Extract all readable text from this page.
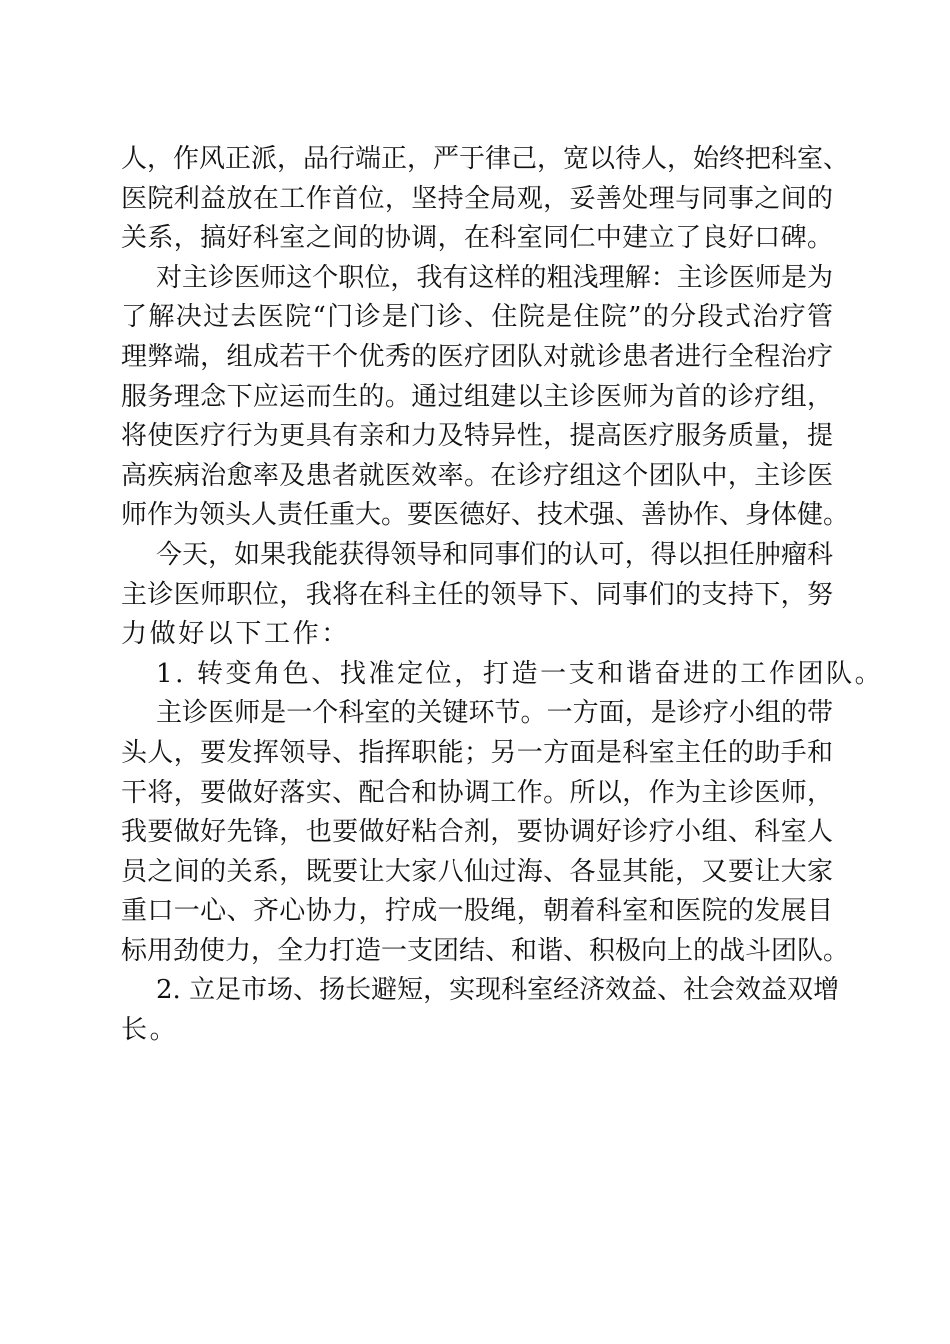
人，作风正派，品行端正，严于律己，宽以待人，始终把科室、
医院利益放在工作首位，坚持全局观，妥善处理与同事之间的
关系，搞好科室之间的协调，在科室同仁中建立了良好口碑。
对主诊医师这个职位，我有这样的粗浅理解：主诊医师是为
了解决过去医院“门诊是门诊、住院是住院”的分段式治疗管
理弊端，组成若干个优秀的医疗团队对就诊患者进行全程治疗
服务理念下应运而生的。通过组建以主诊医师为首的诊疗组，
将使医疗行为更具有亲和力及特异性，提高医疗服务质量，提
高疾病治愈率及患者就医效率。在诊疗组这个团队中，主诊医
师作为领头人责任重大。要医德好、技术强、善协作、身体健。
今天，如果我能获得领导和同事们的认可，得以担任肿瘤科
主诊医师职位，我将在科主任的领导下、同事们的支持下，努
力做好以下工作：
1. 转变角色、找准定位，打造一支和谐奋进的工作团队。
主诊医师是一个科室的关键环节。一方面，是诊疗小组的带
头人，要发挥领导、指挥职能；另一方面是科室主任的助手和
干将，要做好落实、配合和协调工作。所以，作为主诊医师，
我要做好先锋，也要做好粘合剂，要协调好诊疗小组、科室人
员之间的关系，既要让大家八仙过海、各显其能，又要让大家
重口一心、齐心协力，拧成一股绳，朝着科室和医院的发展目
标用劲使力，全力打造一支团结、和谐、积极向上的战斗团队。
2. 立足市场、扬长避短，实现科室经济效益、社会效益双增
长。
